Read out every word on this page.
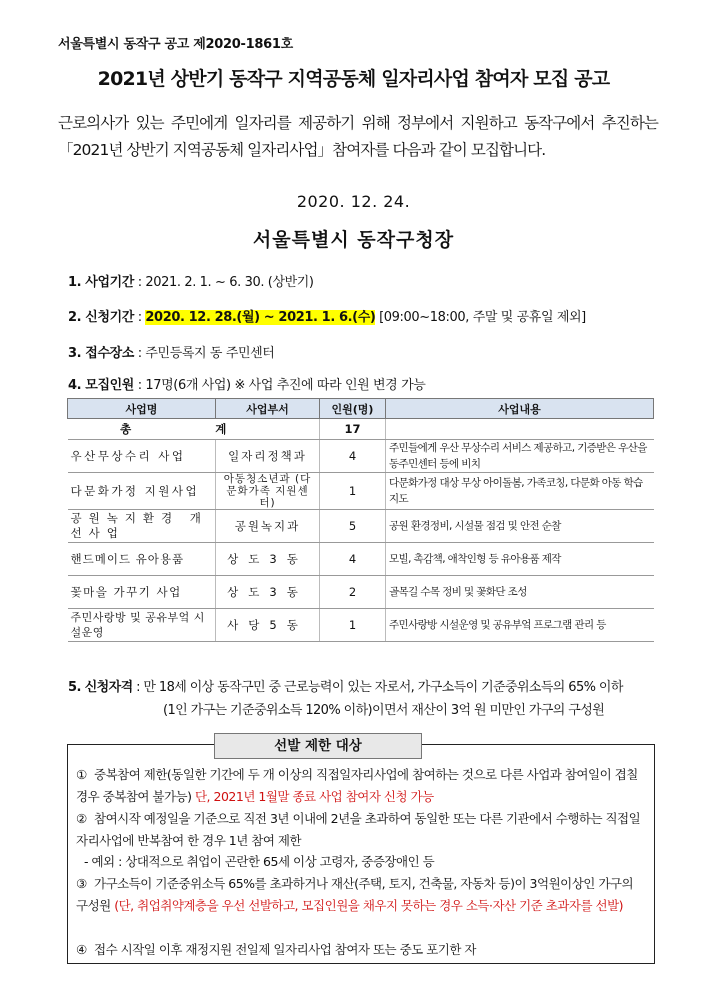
서울특별시 동작구 공고 제2020-1861호
2021년 상반기 동작구 지역공동체 일자리사업 참여자 모집 공고
근로의사가 있는 주민에게 일자리를 제공하기 위해 정부에서 지원하고 동작구에서 추진하는「2021년 상반기 지역공동체 일자리사업」참여자를 다음과 같이 모집합니다.
2020. 12. 24.
서울특별시 동작구청장
1. 사업기간 : 2021. 2. 1. ~ 6. 30. (상반기)
2. 신청기간 : 2020. 12. 28.(월) ~ 2021. 1. 6.(수) [09:00~18:00, 주말 및 공휴일 제외]
3. 접수장소 : 주민등록지 동 주민센터
4. 모집인원 : 17명(6개 사업) ※ 사업 추진에 따라 인원 변경 가능
사업명	사업부서	인원(명)	사업내용
총 계		17	
우산무상수리 사업	일자리정책과	4	주민들에게 우산 무상수리 서비스 제공하고, 기증받은 우산을 동주민센터 등에 비치
다문화가정 지원사업	아동청소년과 (다문화가족 지원센터)	1	다문화가정 대상 무상 아이돌봄, 가족코칭, 다문화 아동 학습지도
공원녹지환경 개선사업	공원녹지과	5	공원 환경정비, 시설물 점검 및 안전 순찰
핸드메이드 유아용품	상도3동	4	모빌, 촉감책, 애착인형 등 유아용품 제작
꽃마을 가꾸기 사업	상도3동	2	골목길 수목 정비 및 꽃화단 조성
주민사랑방 및 공유부엌 시설운영	사당5동	1	주민사랑방 시설운영 및 공유부엌 프로그램 관리 등
5. 신청자격 : 만 18세 이상 동작구민 중 근로능력이 있는 자로서, 가구소득이 기준중위소득의 65% 이하
(1인 가구는 기준중위소득 120% 이하)이면서 재산이 3억 원 미만인 가구의 구성원
선발 제한 대상
① 중복참여 제한(동일한 기간에 두 개 이상의 직접일자리사업에 참여하는 것으로 다른 사업과 참여일이 겹칠 경우 중복참여 불가능) 단, 2021년 1월말 종료 사업 참여자 신청 가능
② 참여시작 예정일을 기준으로 직전 3년 이내에 2년을 초과하여 동일한 또는 다른 기관에서 수행하는 직접일자리사업에 반복참여 한 경우 1년 참여 제한
- 예외 : 상대적으로 취업이 곤란한 65세 이상 고령자, 중증장애인 등
③ 가구소득이 기준중위소득 65%를 초과하거나 재산(주택, 토지, 건축물, 자동차 등)이 3억원이상인 가구의 구성원 (단, 취업취약계층을 우선 선발하고, 모집인원을 채우지 못하는 경우 소득·자산 기준 초과자를 선발)
④ 접수 시작일 이후 재정지원 전일제 일자리사업 참여자 또는 중도 포기한 자
